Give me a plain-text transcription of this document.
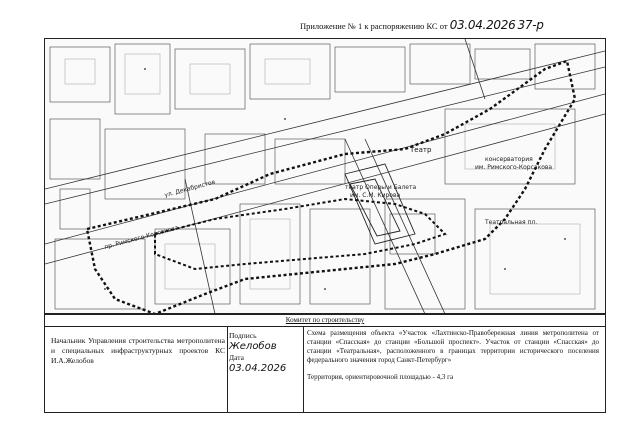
Приложение № 1 к распоряжению КС от 03.04.2026 37-р
Театр
консерватория
им. Римского-Корсакова
театр Оперы и Балета
им. С.М. Кирова
ул. Декабристов
пр. Римского-Корсакова
Театральная пл.
Комитет по строительству
Начальник Управления строительства метрополитена и специальных инфраструктурных проектов КС И.А.Желобов
Подпись Желобов
Дата 03.04.2026
Схема размещения объекта «Участок «Лахтинско-Правобережная линия метрополитена от станции «Спасская» до станции «Большой проспект». Участок от станции «Спасская» до станции «Театральная», расположенного в границах территории исторического поселения федерального значения город Санкт-Петербург»
Территория, ориентировочной площадью - 4,3 га
